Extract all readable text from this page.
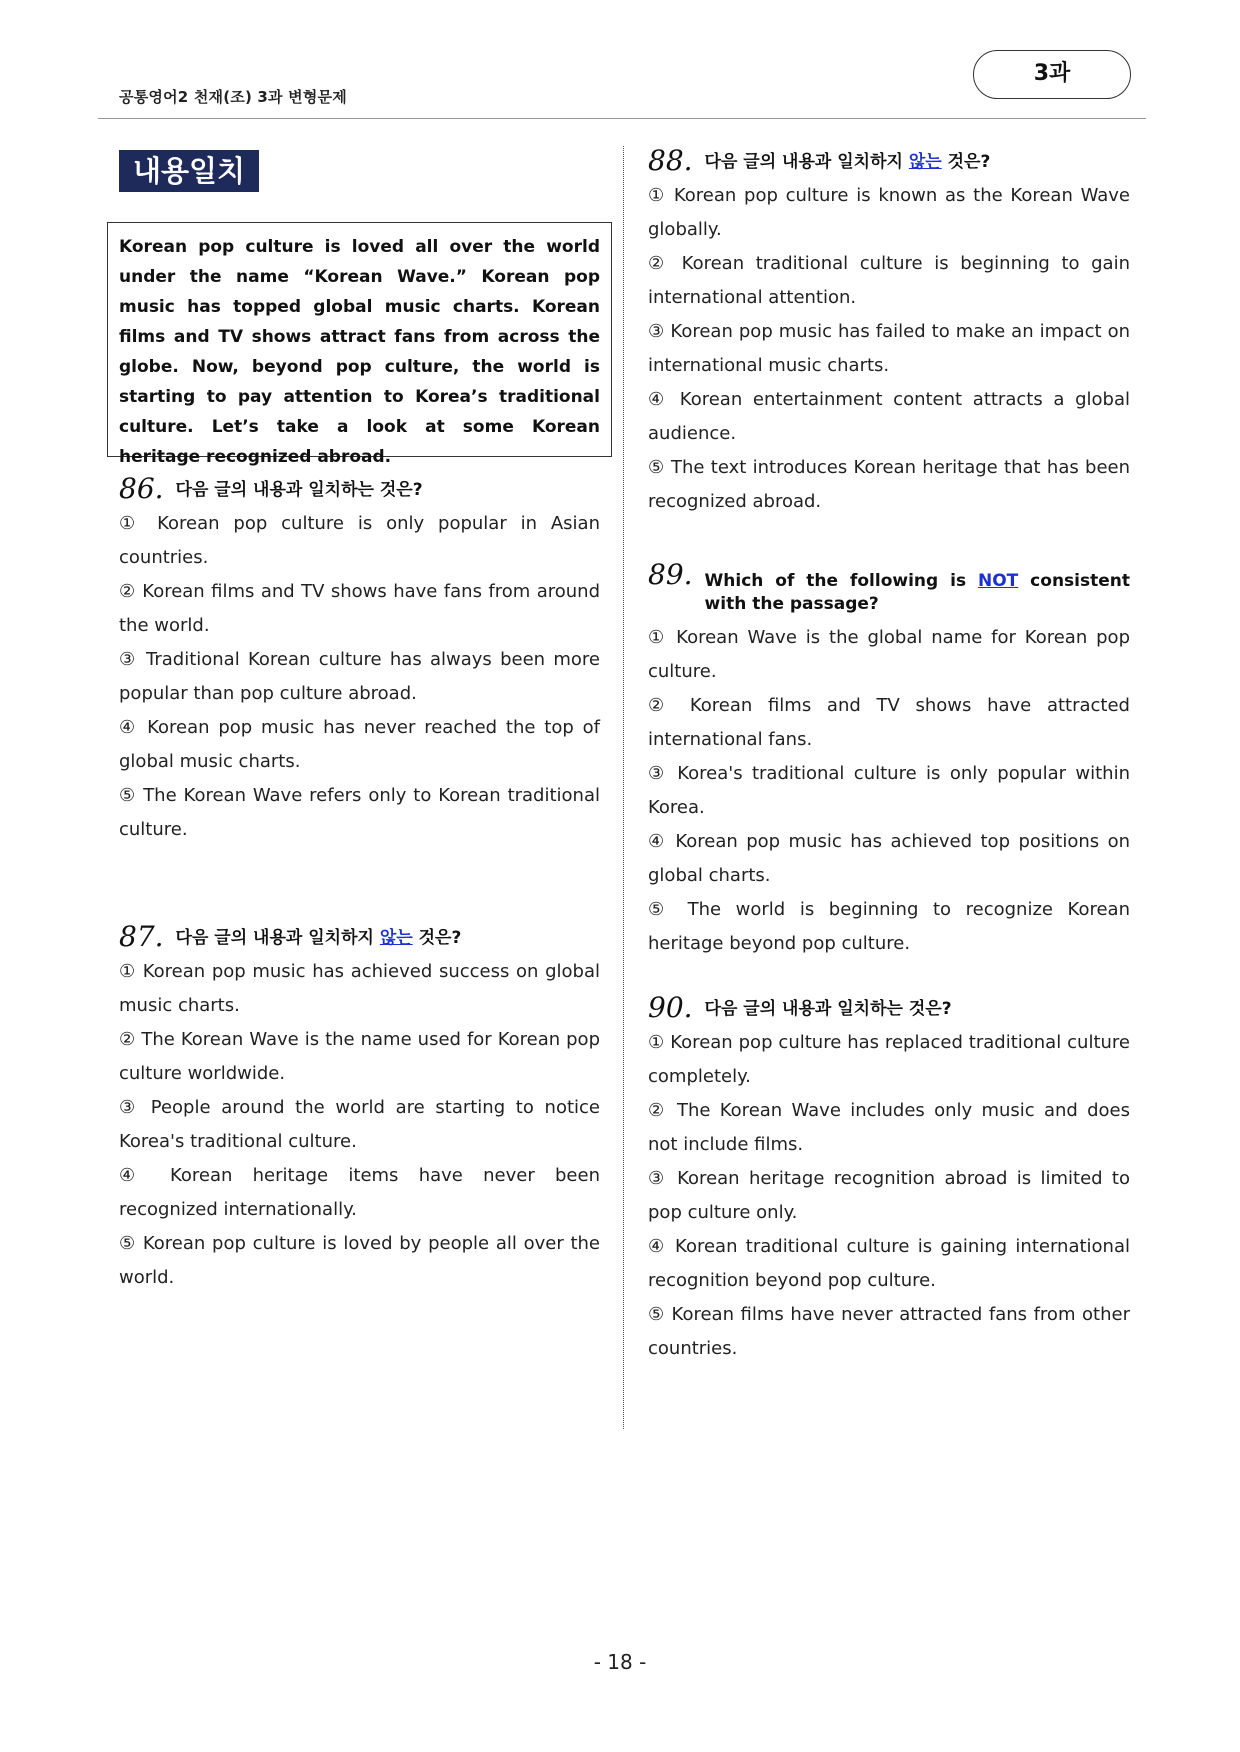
공통영어2 천재(조) 3과 변형문제
3과
내용일치

Korean pop culture is loved all over the world under the name “Korean Wave.” Korean pop music has topped global music charts. Korean films and TV shows attract fans from across the globe. Now, beyond pop culture, the world is starting to pay attention to Korea’s traditional culture. Let’s take a look at some Korean heritage recognized abroad.

86. 다음 글의 내용과 일치하는 것은?

① Korean pop culture is only popular in Asian countries.

② Korean films and TV shows have fans from around the world.

③ Traditional Korean culture has always been more popular than pop culture abroad.

④ Korean pop music has never reached the top of global music charts.

⑤ The Korean Wave refers only to Korean traditional culture.

87. 다음 글의 내용과 일치하지 않는 것은?

① Korean pop music has achieved success on global music charts.

② The Korean Wave is the name used for Korean pop culture worldwide.

③ People around the world are starting to notice Korea's traditional culture.

④ Korean heritage items have never been recognized internationally.

⑤ Korean pop culture is loved by people all over the world.

88. 다음 글의 내용과 일치하지 않는 것은?

① Korean pop culture is known as the Korean Wave globally.

② Korean traditional culture is beginning to gain international attention.

③ Korean pop music has failed to make an impact on international music charts.

④ Korean entertainment content attracts a global audience.

⑤ The text introduces Korean heritage that has been recognized abroad.

89. Which of the following is NOT consistent with the passage?

① Korean Wave is the global name for Korean pop culture.

② Korean films and TV shows have attracted international fans.

③ Korea's traditional culture is only popular within Korea.

④ Korean pop music has achieved top positions on global charts.

⑤ The world is beginning to recognize Korean heritage beyond pop culture.

90. 다음 글의 내용과 일치하는 것은?

① Korean pop culture has replaced traditional culture completely.

② The Korean Wave includes only music and does not include films.

③ Korean heritage recognition abroad is limited to pop culture only.

④ Korean traditional culture is gaining international recognition beyond pop culture.

⑤ Korean films have never attracted fans from other countries.

- 18 -
